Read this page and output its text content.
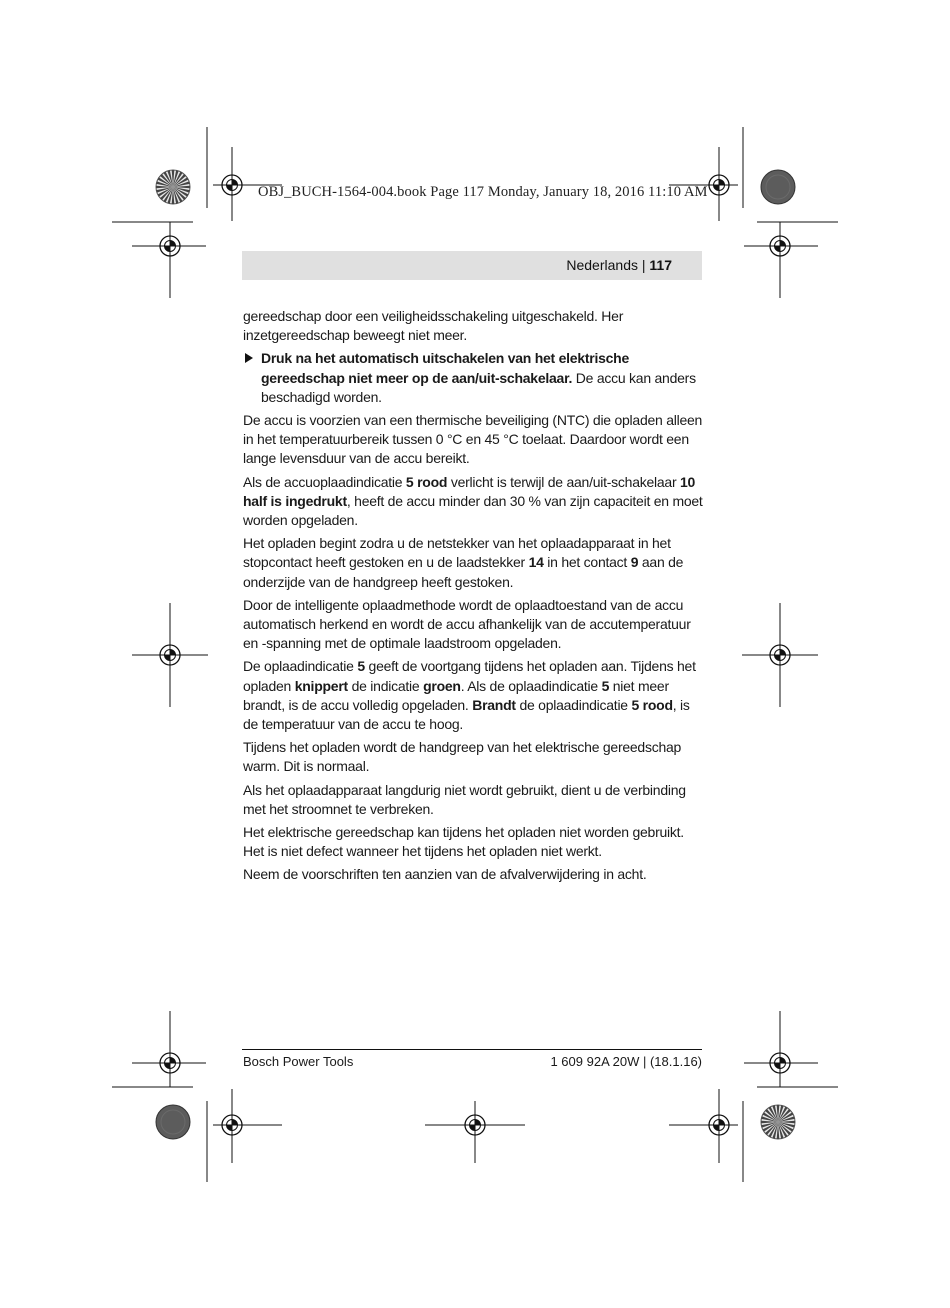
OBJ_BUCH-1564-004.book Page 117 Monday, January 18, 2016 11:10 AM
Nederlands | 117

gereedschap door een veiligheidsschakeling uitgeschakeld. Her inzetgereedschap beweegt niet meer.

Druk na het automatisch uitschakelen van het elektrische gereedschap niet meer op de aan/uit-schakelaar. De accu kan anders beschadigd worden.

De accu is voorzien van een thermische beveiliging (NTC) die opladen alleen in het temperatuurbereik tussen 0 °C en 45 °C toelaat. Daardoor wordt een lange levensduur van de accu bereikt.

Als de accuoplaadindicatie 5 rood verlicht is terwijl de aan/uit-schakelaar 10 half is ingedrukt, heeft de accu minder dan 30 % van zijn capaciteit en moet worden opgeladen.

Het opladen begint zodra u de netstekker van het oplaadapparaat in het stopcontact heeft gestoken en u de laadstekker 14 in het contact 9 aan de onderzijde van de handgreep heeft gestoken.

Door de intelligente oplaadmethode wordt de oplaadtoestand van de accu automatisch herkend en wordt de accu afhankelijk van de accutemperatuur en -spanning met de optimale laadstroom opgeladen.

De oplaadindicatie 5 geeft de voortgang tijdens het opladen aan. Tijdens het opladen knippert de indicatie groen. Als de oplaadindicatie 5 niet meer brandt, is de accu volledig opgeladen. Brandt de oplaadindicatie 5 rood, is de temperatuur van de accu te hoog.

Tijdens het opladen wordt de handgreep van het elektrische gereedschap warm. Dit is normaal.

Als het oplaadapparaat langdurig niet wordt gebruikt, dient u de verbinding met het stroomnet te verbreken.

Het elektrische gereedschap kan tijdens het opladen niet worden gebruikt. Het is niet defect wanneer het tijdens het opladen niet werkt.

Neem de voorschriften ten aanzien van de afvalverwijdering in acht.

Bosch Power Tools	1 609 92A 20W | (18.1.16)
